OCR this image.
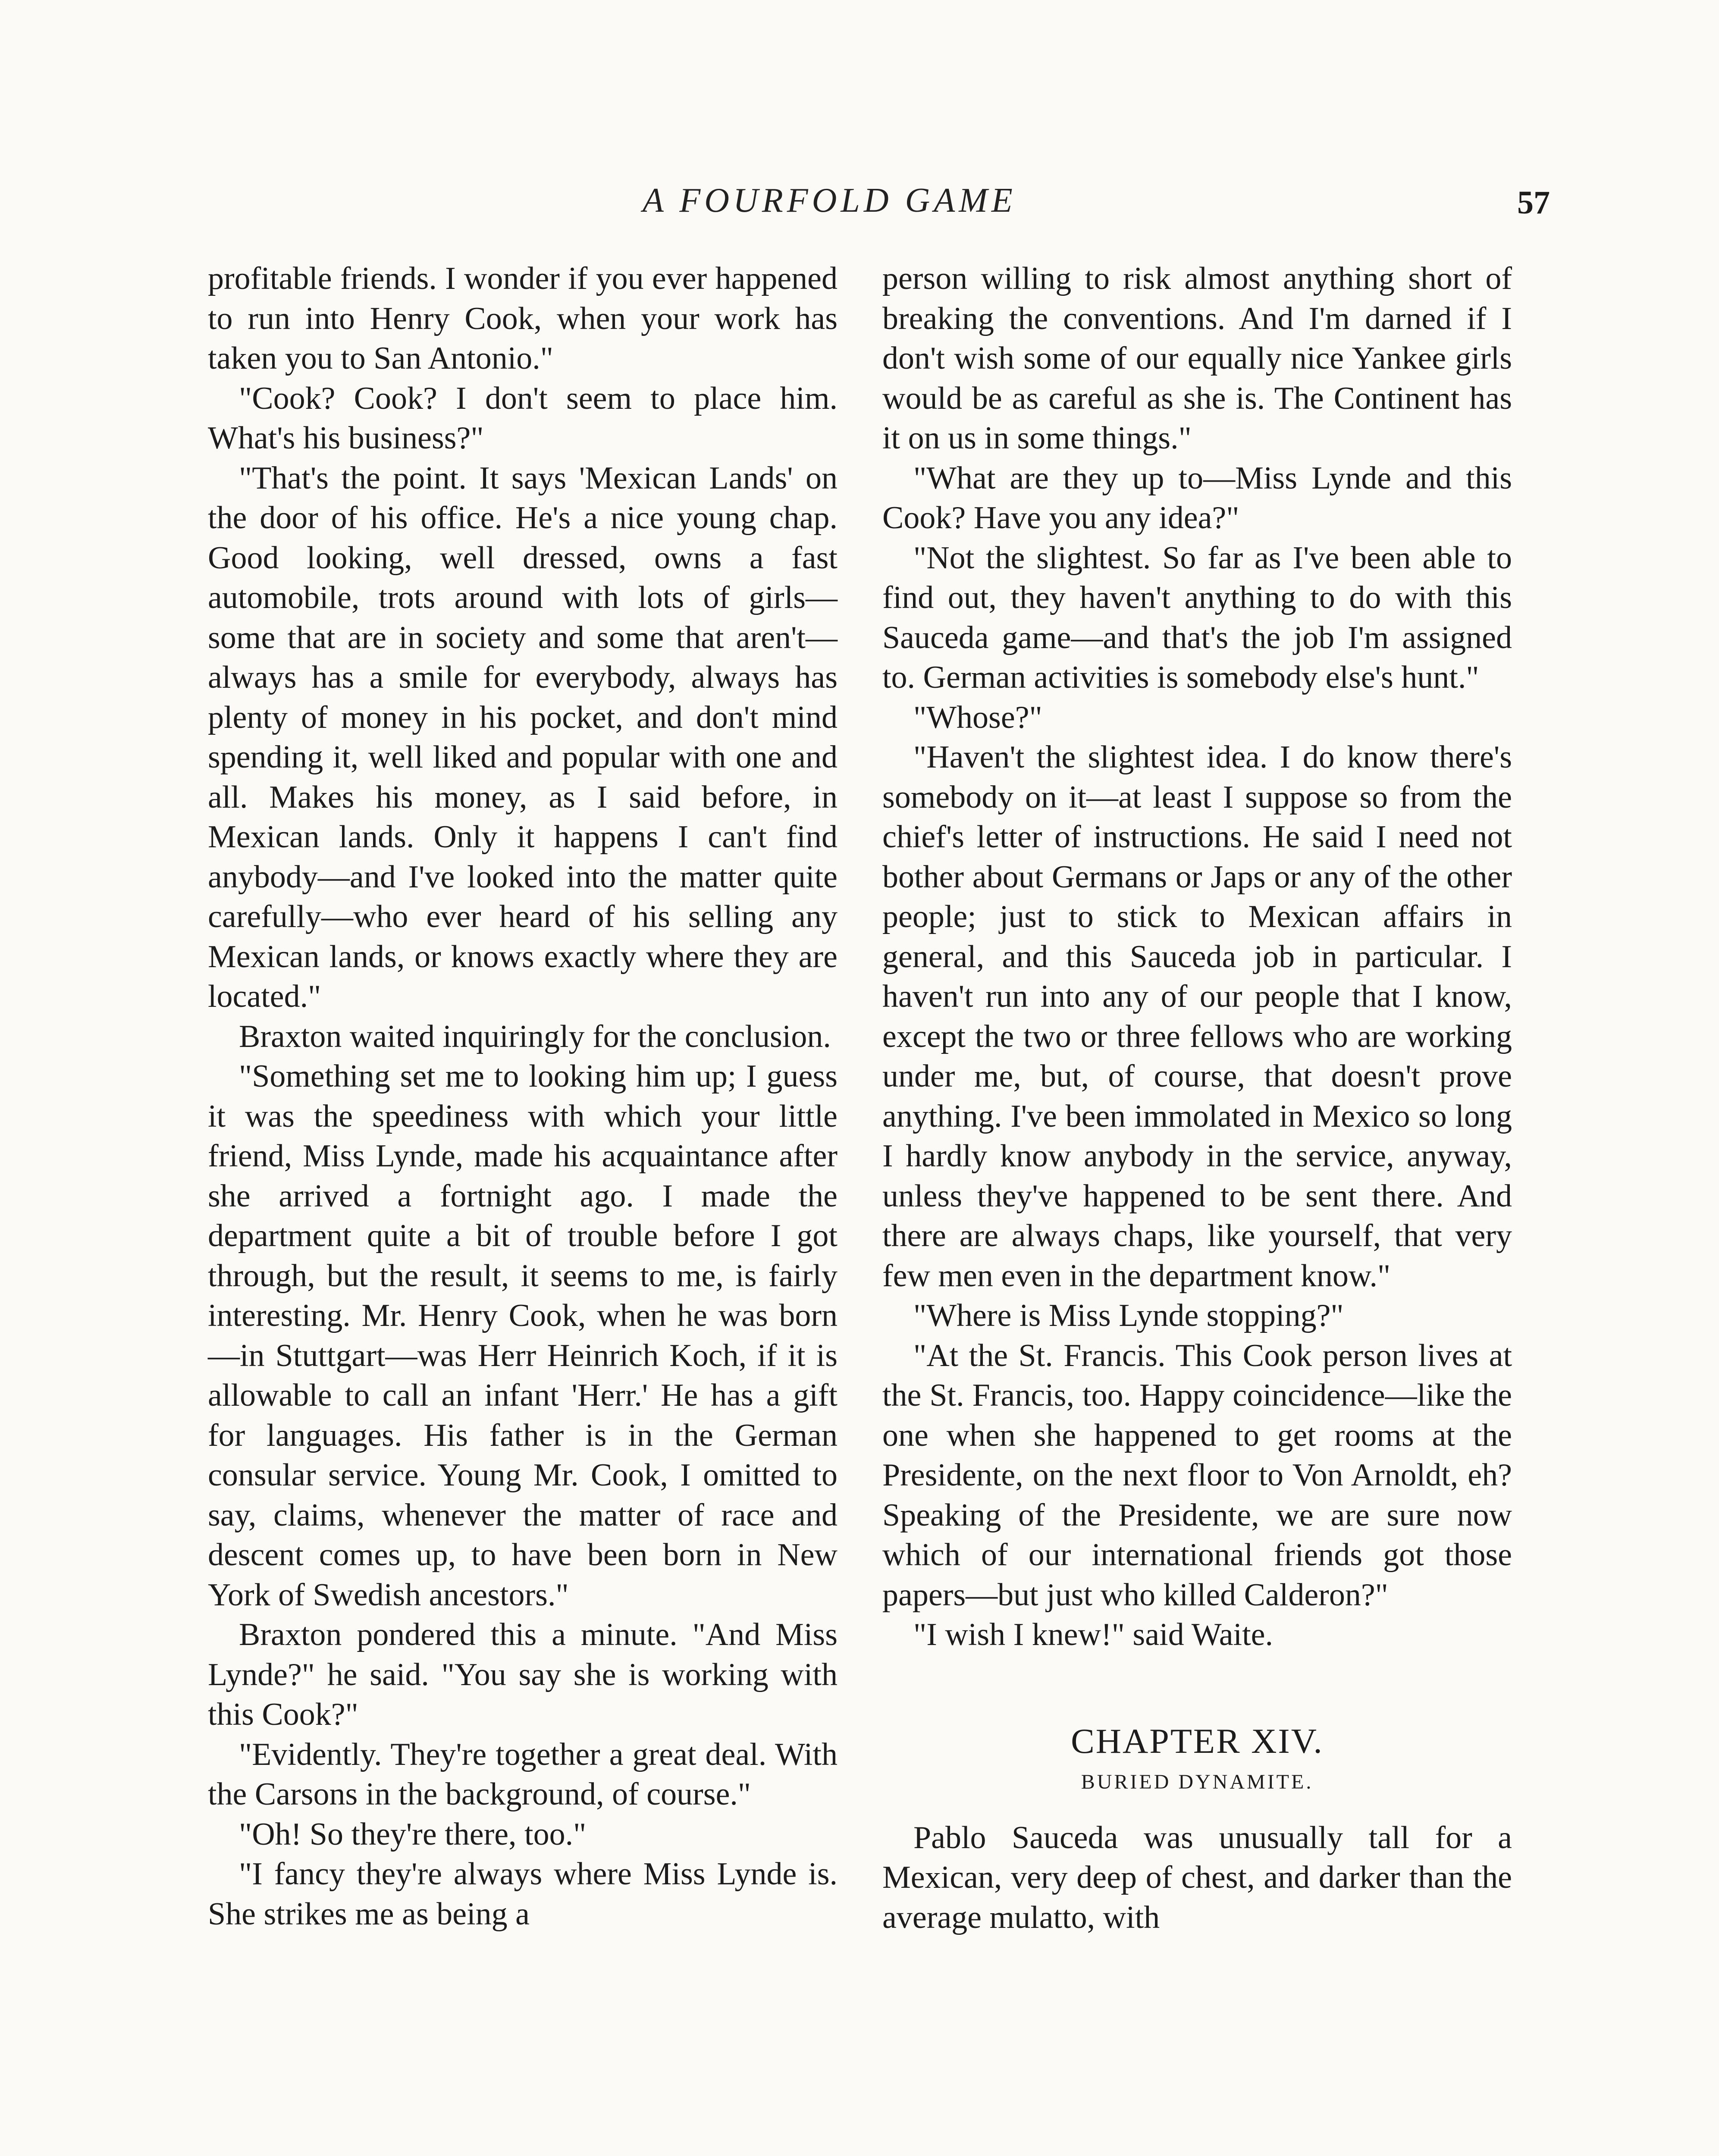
A FOURFOLD GAME	57

profitable friends. I wonder if you ever happened to run into Henry Cook, when your work has taken you to San Antonio."

"Cook? Cook? I don't seem to place him. What's his business?"

"That's the point. It says 'Mexican Lands' on the door of his office. He's a nice young chap. Good looking, well dressed, owns a fast automobile, trots around with lots of girls—some that are in society and some that aren't—always has a smile for everybody, always has plenty of money in his pocket, and don't mind spending it, well liked and popular with one and all. Makes his money, as I said before, in Mexican lands. Only it happens I can't find anybody—and I've looked into the matter quite carefully—who ever heard of his selling any Mexican lands, or knows exactly where they are located."

Braxton waited inquiringly for the conclusion.

"Something set me to looking him up; I guess it was the speediness with which your little friend, Miss Lynde, made his acquaintance after she arrived a fortnight ago. I made the department quite a bit of trouble before I got through, but the result, it seems to me, is fairly interesting. Mr. Henry Cook, when he was born—in Stuttgart—was Herr Heinrich Koch, if it is allowable to call an infant 'Herr.' He has a gift for languages. His father is in the German consular service. Young Mr. Cook, I omitted to say, claims, whenever the matter of race and descent comes up, to have been born in New York of Swedish ancestors."

Braxton pondered this a minute. "And Miss Lynde?" he said. "You say she is working with this Cook?"

"Evidently. They're together a great deal. With the Carsons in the background, of course."

"Oh! So they're there, too."

"I fancy they're always where Miss Lynde is. She strikes me as being a

person willing to risk almost anything short of breaking the conventions. And I'm darned if I don't wish some of our equally nice Yankee girls would be as careful as she is. The Continent has it on us in some things."

"What are they up to—Miss Lynde and this Cook? Have you any idea?"

"Not the slightest. So far as I've been able to find out, they haven't anything to do with this Sauceda game—and that's the job I'm assigned to. German activities is somebody else's hunt."

"Whose?"

"Haven't the slightest idea. I do know there's somebody on it—at least I suppose so from the chief's letter of instructions. He said I need not bother about Germans or Japs or any of the other people; just to stick to Mexican affairs in general, and this Sauceda job in particular. I haven't run into any of our people that I know, except the two or three fellows who are working under me, but, of course, that doesn't prove anything. I've been immolated in Mexico so long I hardly know anybody in the service, anyway, unless they've happened to be sent there. And there are always chaps, like yourself, that very few men even in the department know."

"Where is Miss Lynde stopping?"

"At the St. Francis. This Cook person lives at the St. Francis, too. Happy coincidence—like the one when she happened to get rooms at the Presidente, on the next floor to Von Arnoldt, eh? Speaking of the Presidente, we are sure now which of our international friends got those papers—but just who killed Calderon?"

"I wish I knew!" said Waite.

CHAPTER XIV.
BURIED DYNAMITE.

Pablo Sauceda was unusually tall for a Mexican, very deep of chest, and darker than the average mulatto, with
